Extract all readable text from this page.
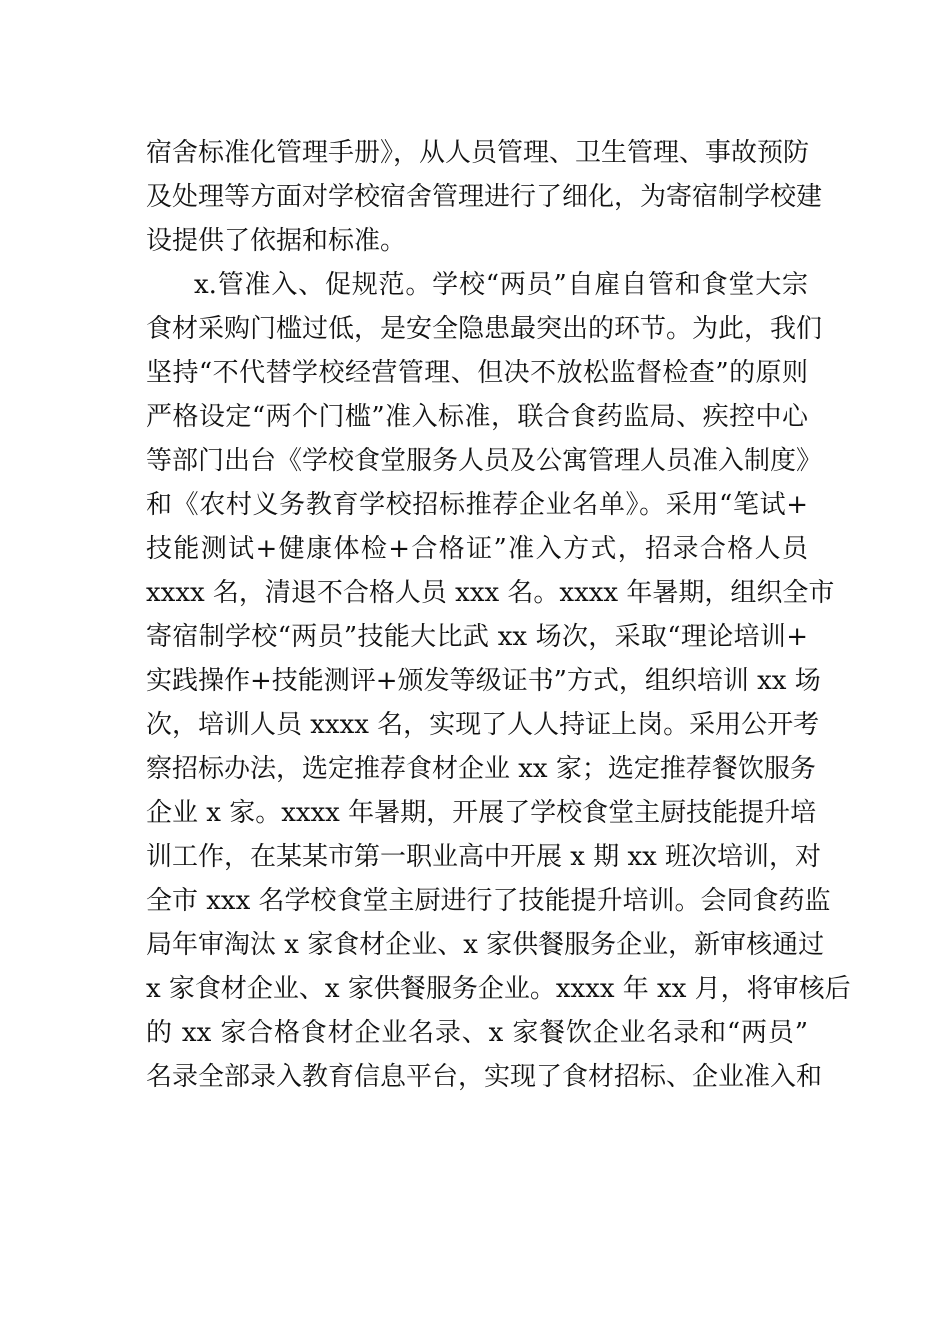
宿舍标准化管理手册》，从人员管理、卫生管理、事故预防
及处理等方面对学校宿舍管理进行了细化，为寄宿制学校建
设提供了依据和标准。
x.管准入、促规范。学校“两员”自雇自管和食堂大宗
食材采购门槛过低，是安全隐患最突出的环节。为此，我们
坚持“不代替学校经营管理、但决不放松监督检查”的原则
严格设定“两个门槛”准入标准，联合食药监局、疾控中心
等部门出台《学校食堂服务人员及公寓管理人员准入制度》
和《农村义务教育学校招标推荐企业名单》。采用“笔试+
技能测试+健康体检+合格证”准入方式，招录合格人员
xxxx 名，清退不合格人员 xxx 名。xxxx 年暑期，组织全市
寄宿制学校“两员”技能大比武 xx 场次，采取“理论培训+
实践操作+技能测评+颁发等级证书”方式，组织培训 xx 场
次，培训人员 xxxx 名，实现了人人持证上岗。采用公开考
察招标办法，选定推荐食材企业 xx 家；选定推荐餐饮服务
企业 x 家。xxxx 年暑期，开展了学校食堂主厨技能提升培
训工作，在某某市第一职业高中开展 x 期 xx 班次培训，对
全市 xxx 名学校食堂主厨进行了技能提升培训。会同食药监
局年审淘汰 x 家食材企业、x 家供餐服务企业，新审核通过
x 家食材企业、x 家供餐服务企业。xxxx 年 xx 月，将审核后
的 xx 家合格食材企业名录、x 家餐饮企业名录和“两员”
名录全部录入教育信息平台，实现了食材招标、企业准入和
